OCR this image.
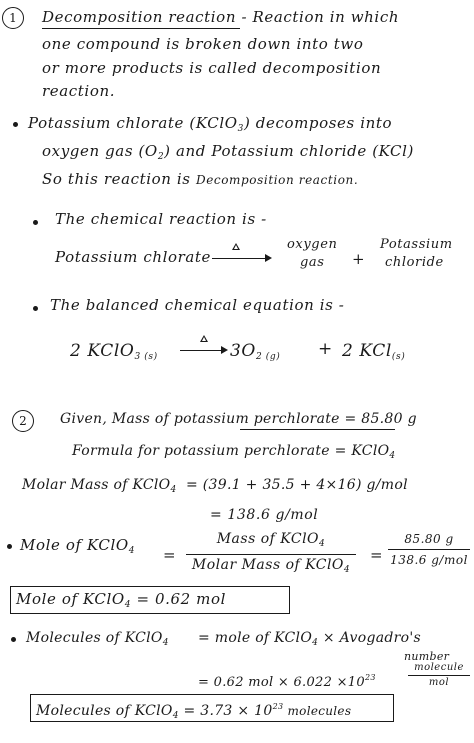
1	Decomposition reaction - Reaction in which
one compound is broken down into two
or more products is called decomposition
reaction.
Potassium chlorate (KClO$_3$) decomposes into
oxygen gas $(O_2)$ and Potassium chloride (KCl)
So this reaction is Decomposition reaction.
The chemical reaction is -
Potassium chlorate
oxygen
gas +
Potassium
chloride
The balanced chemical equation is -
2 KClO$_{3 (s)}$	$3O_{2 (g)} + 2$ KCl$_{(s)}$
2	Given, Mass of potassium perchlorate = 85.80 g
Formula for potassium perchlorate = KClO$_4$
Molar Mass of KClO$_4$ = (39.1 + 35.5 + 4×16) g/mol
= 138.6 g/mol
Mole of KClO$_4$ =
Mass of KClO$_4$
Molar Mass of KClO$_4$
=
85.80 g
138.6 g/mol
Mole of KClO$_4$ = 0.62 mol
Molecules of KClO$_4$ = mole of KClO$_4$ × Avogadro's
number
= 0.62 mol × $6.022 \times 10^{23}$
molecule
mol
Molecules of KClO$_4$ = $3.73 \times 10^{23}$ molecules
